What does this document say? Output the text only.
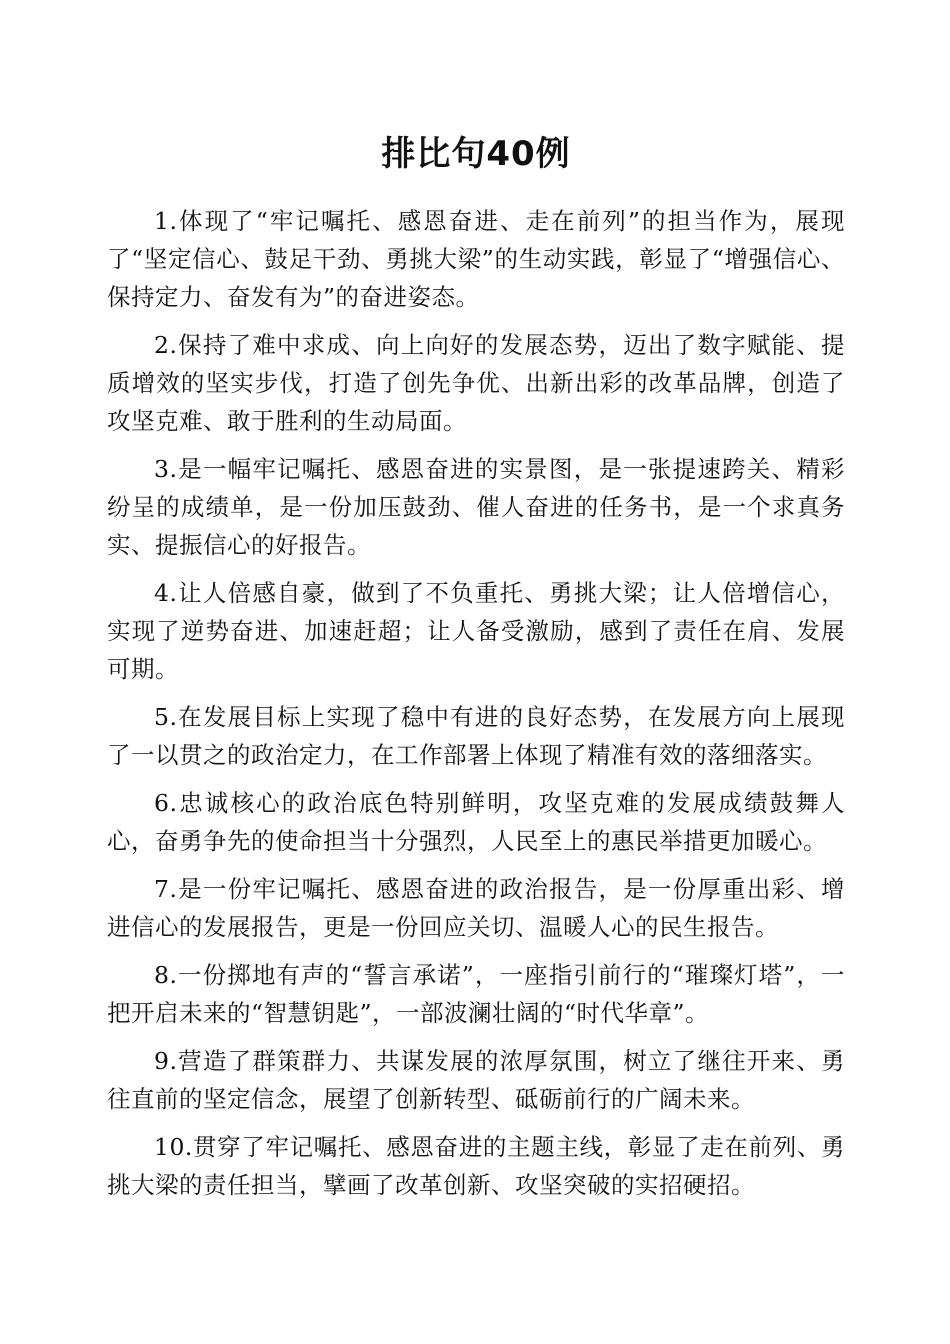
排比句40例

1.体现了“牢记嘱托、感恩奋进、走在前列”的担当作为，展现了“坚定信心、鼓足干劲、勇挑大梁”的生动实践，彰显了“增强信心、保持定力、奋发有为”的奋进姿态。

2.保持了难中求成、向上向好的发展态势，迈出了数字赋能、提质增效的坚实步伐，打造了创先争优、出新出彩的改革品牌，创造了攻坚克难、敢于胜利的生动局面。

3.是一幅牢记嘱托、感恩奋进的实景图，是一张提速跨关、精彩纷呈的成绩单，是一份加压鼓劲、催人奋进的任务书，是一个求真务实、提振信心的好报告。

4.让人倍感自豪，做到了不负重托、勇挑大梁；让人倍增信心，实现了逆势奋进、加速赶超；让人备受激励，感到了责任在肩、发展可期。

5.在发展目标上实现了稳中有进的良好态势，在发展方向上展现了一以贯之的政治定力，在工作部署上体现了精准有效的落细落实。

6.忠诚核心的政治底色特别鲜明，攻坚克难的发展成绩鼓舞人心，奋勇争先的使命担当十分强烈，人民至上的惠民举措更加暖心。

7.是一份牢记嘱托、感恩奋进的政治报告，是一份厚重出彩、增进信心的发展报告，更是一份回应关切、温暖人心的民生报告。

8.一份掷地有声的“誓言承诺”，一座指引前行的“璀璨灯塔”，一把开启未来的“智慧钥匙”，一部波澜壮阔的“时代华章”。

9.营造了群策群力、共谋发展的浓厚氛围，树立了继往开来、勇往直前的坚定信念，展望了创新转型、砥砺前行的广阔未来。

10.贯穿了牢记嘱托、感恩奋进的主题主线，彰显了走在前列、勇挑大梁的责任担当，擘画了改革创新、攻坚突破的实招硬招。
